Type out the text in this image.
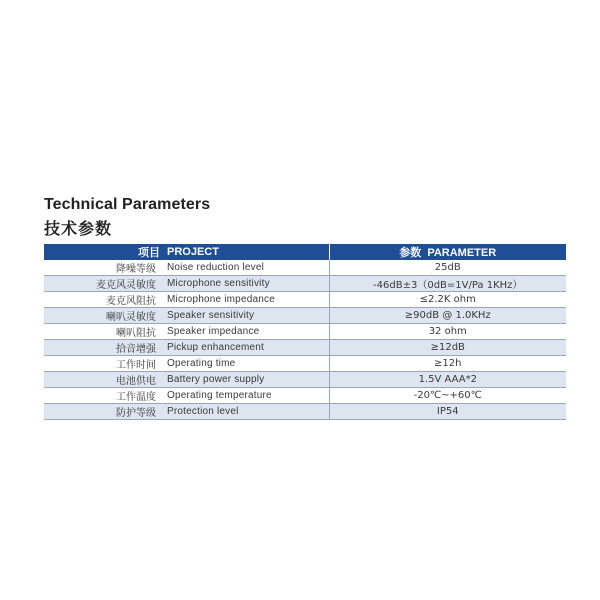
Technical Parameters
技术参数
项目	PROJECT	参数 PARAMETER
降噪等级	Noise reduction level	25dB
麦克风灵敏度	Microphone sensitivity	-46dB±3（0dB=1V/Pa 1KHz）
麦克风阻抗	Microphone impedance	≤2.2K ohm
喇叭灵敏度	Speaker sensitivity	≥90dB @ 1.0KHz
喇叭阻抗	Speaker impedance	32 ohm
拾音增强	Pickup enhancement	≥12dB
工作时间	Operating time	≥12h
电池供电	Battery power supply	1.5V AAA*2
工作温度	Operating temperature	-20℃~+60℃
防护等级	Protection level	IP54
